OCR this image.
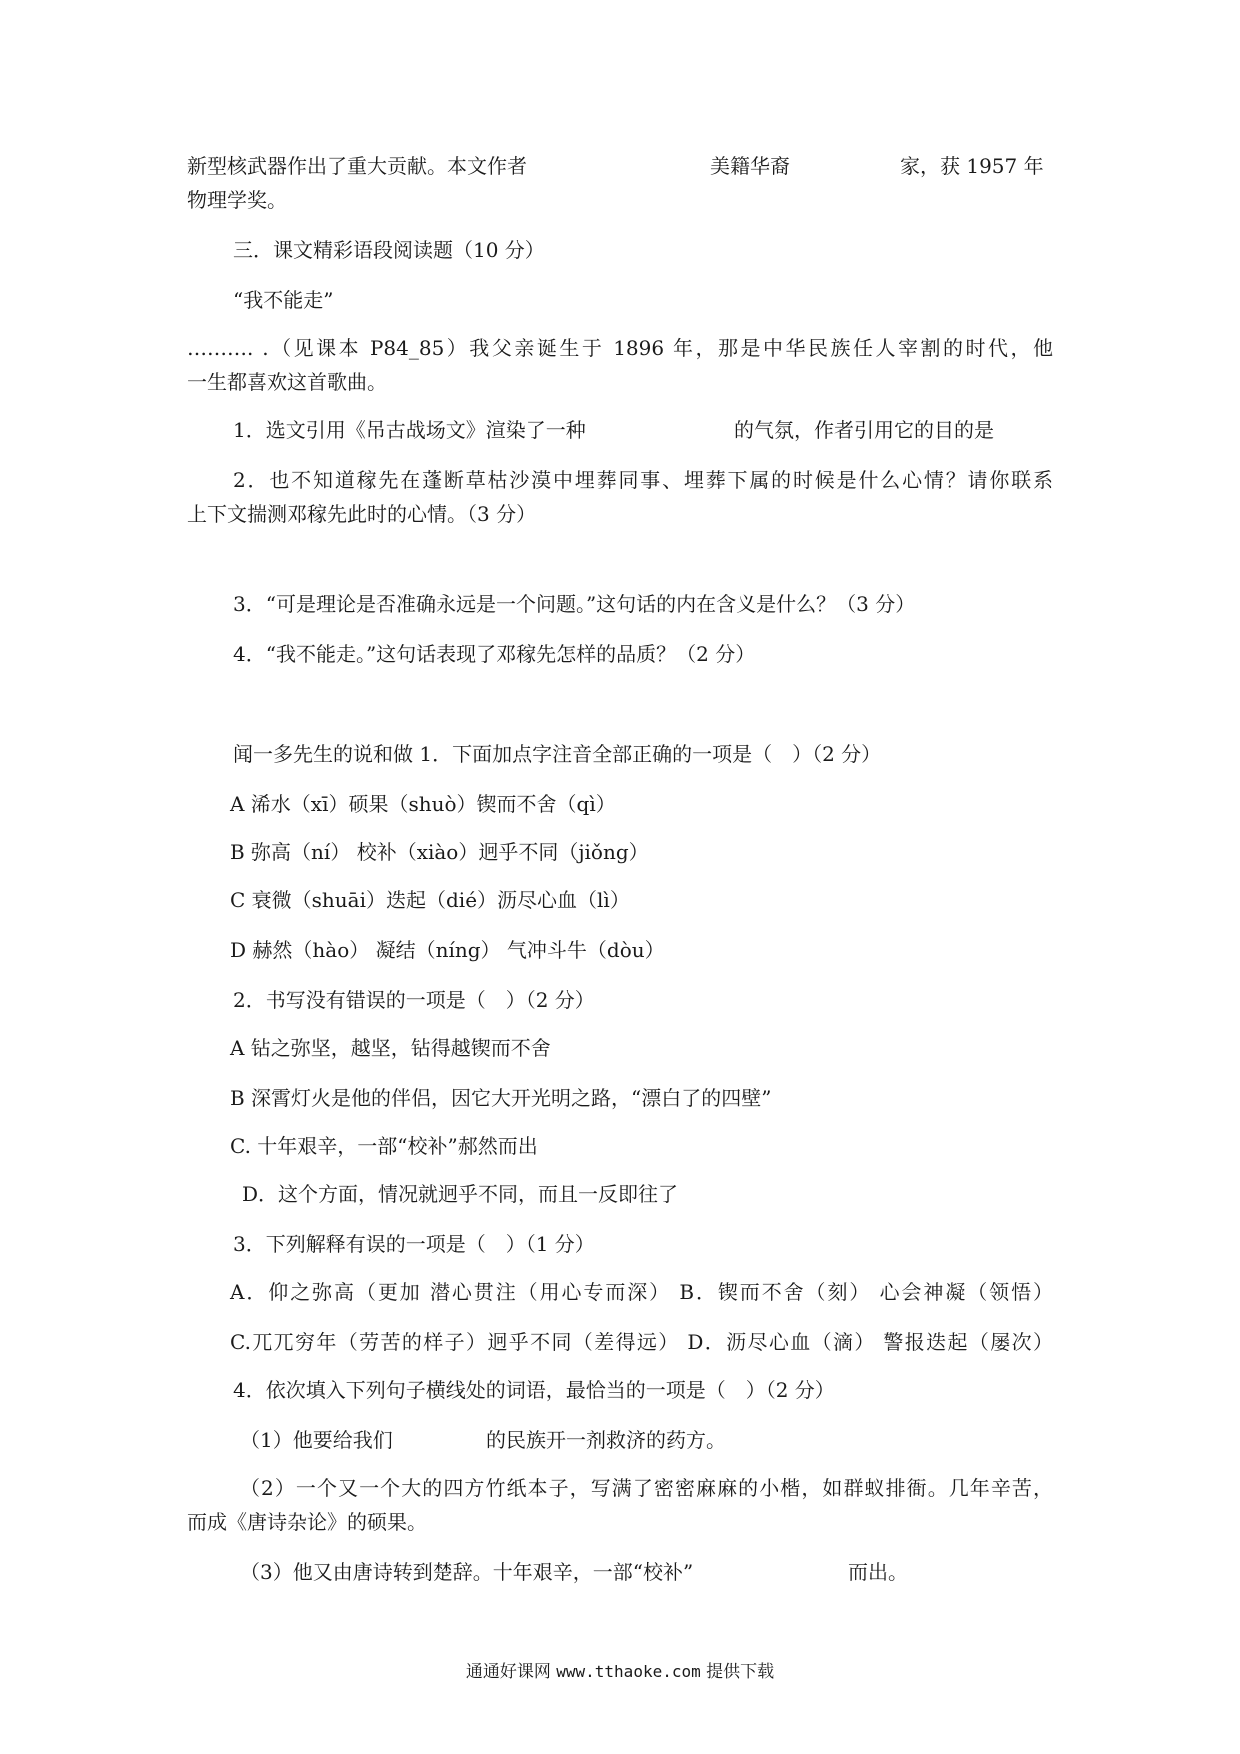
新型核武器作出了重大贡献。本文作者	美籍华裔	家，获 1957 年
物理学奖。
三．课文精彩语段阅读题（10 分）
“我不能走”
………. .（见课本 P84_85）我父亲诞生于 1896 年，那是中华民族任人宰割的时代，他
一生都喜欢这首歌曲。
1．选文引用《吊古战场文》渲染了一种	的气氛，作者引用它的目的是
2．也不知道稼先在蓬断草枯沙漠中埋葬同事、埋葬下属的时候是什么心情？请你联系
上下文揣测邓稼先此时的心情。（3 分）
3．“可是理论是否准确永远是一个问题。”这句话的内在含义是什么？（3 分）
4．“我不能走。”这句话表现了邓稼先怎样的品质？（2 分）
闻一多先生的说和做 1．下面加点字注音全部正确的一项是（　）（2 分）
A 浠水（xī）硕果（shuò）锲而不舍（qì）
B 弥高（ní） 校补（xiào）迥乎不同（jiǒng）
C 衰微（shuāi）迭起（dié）沥尽心血（lì）
D 赫然（hào） 凝结（níng） 气冲斗牛（dòu）
2．书写没有错误的一项是（　）（2 分）
A 钻之弥坚，越坚，钻得越锲而不舍
B 深霄灯火是他的伴侣，因它大开光明之路，“漂白了的四壁”
C. 十年艰辛，一部“校补”郝然而出
D．这个方面，情况就迥乎不同，而且一反即往了
3．下列解释有误的一项是（　）（1 分）
A．仰之弥高（更加 潜心贯注（用心专而深） B．锲而不舍（刻） 心会神凝（领悟）
C.兀兀穷年（劳苦的样子）迥乎不同（差得远） D．沥尽心血（滴） 警报迭起（屡次）
4．依次填入下列句子横线处的词语，最恰当的一项是（　）（2 分）
（1）他要给我们	的民族开一剂救济的药方。
（2）一个又一个大的四方竹纸本子，写满了密密麻麻的小楷，如群蚁排衙。几年辛苦，
而成《唐诗杂论》的硕果。
（3）他又由唐诗转到楚辞。十年艰辛，一部“校补”	而出。
通通好课网 www.tthaoke.com 提供下载
